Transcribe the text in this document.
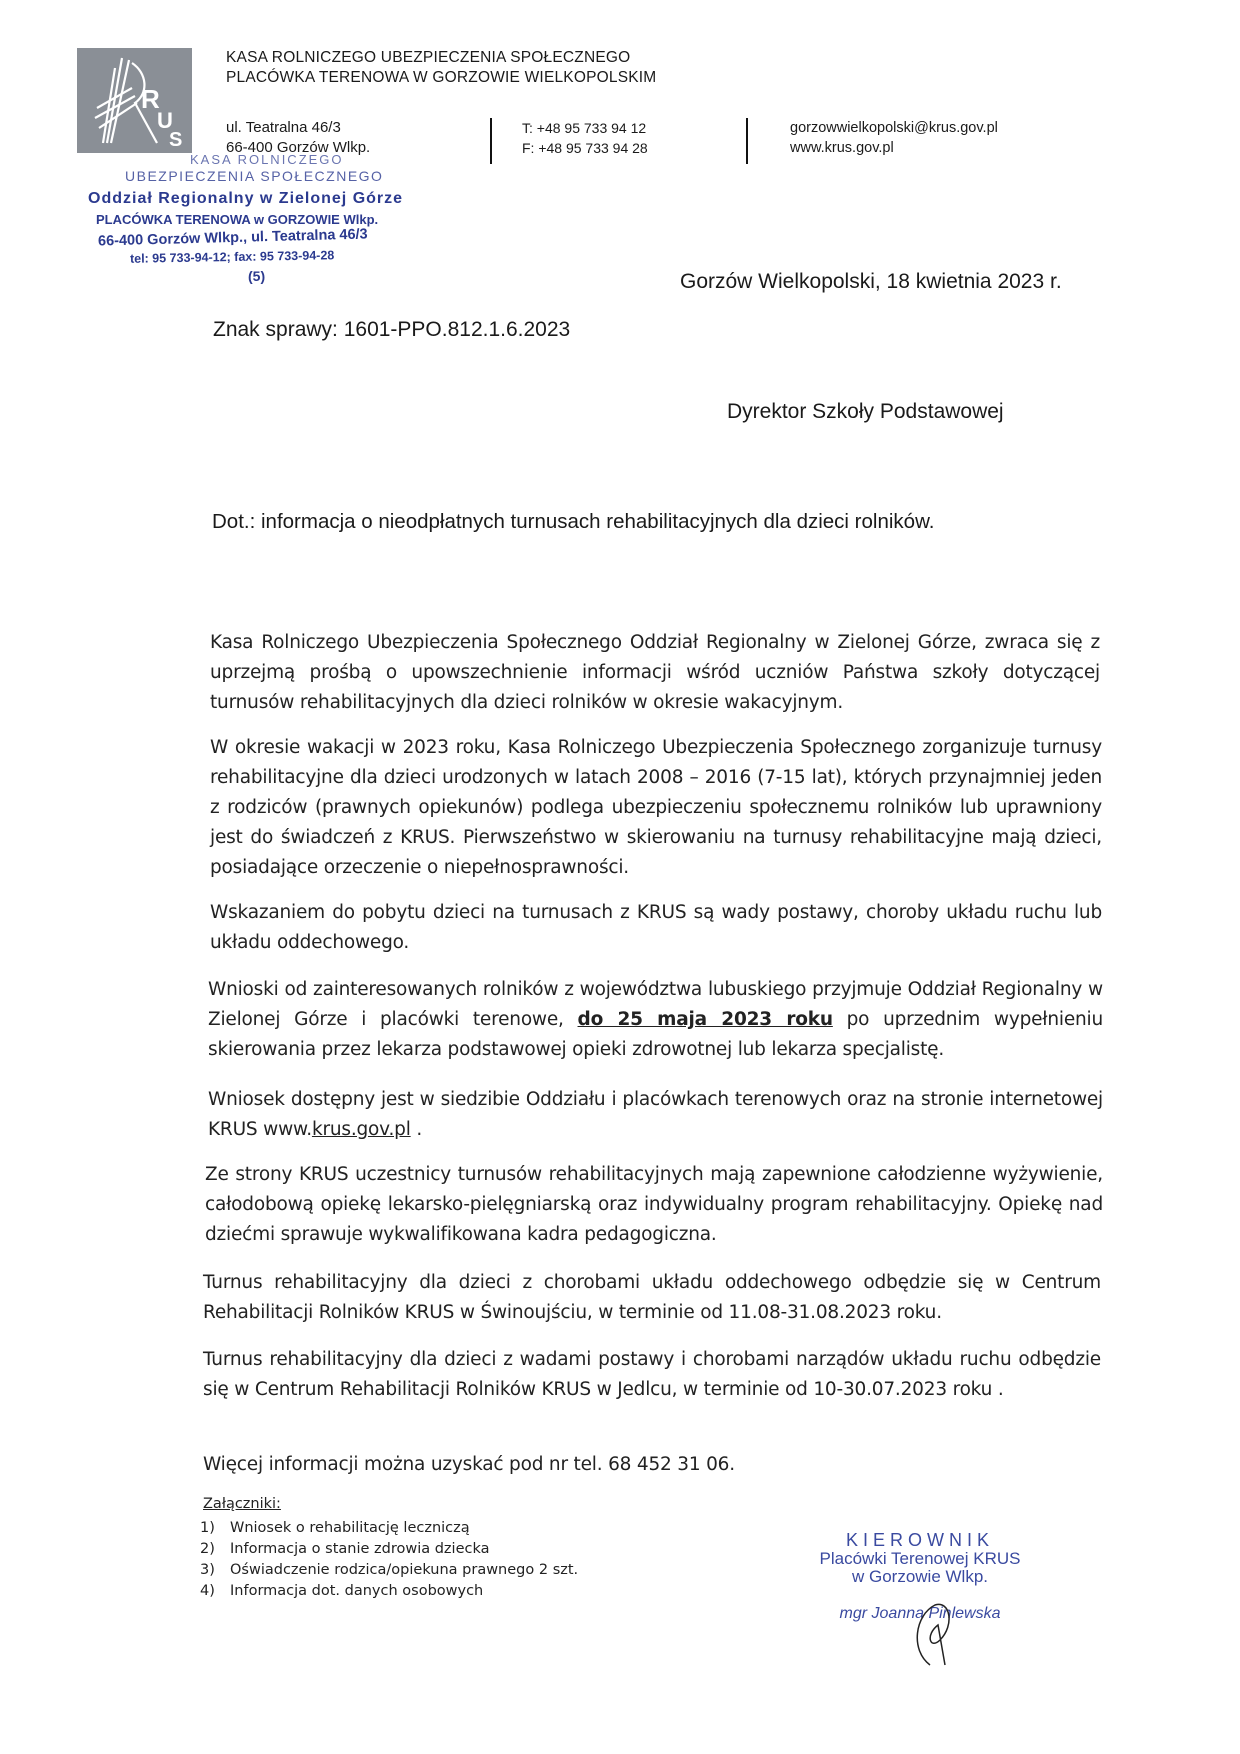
R
U
S
KASA ROLNICZEGO UBEZPIECZENIA SPOŁECZNEGO
PLACÓWKA TERENOWA W GORZOWIE WIELKOPOLSKIM
ul. Teatralna 46/3
66-400 Gorzów Wlkp.
T: +48 95 733 94 12
F: +48 95 733 94 28
gorzowwielkopolski@krus.gov.pl
www.krus.gov.pl
KASA ROLNICZEGO
UBEZPIECZENIA SPOŁECZNEGO
Oddział Regionalny w Zielonej Górze
PLACÓWKA TERENOWA w GORZOWIE Wlkp.
66-400 Gorzów Wlkp., ul. Teatralna 46/3
tel: 95 733-94-12; fax: 95 733-94-28
(5)	Gorzów Wielkopolski, 18 kwietnia 2023 r.
Znak sprawy: 1601-PPO.812.1.6.2023
Dyrektor Szkoły Podstawowej
Dot.: informacja o nieodpłatnych turnusach rehabilitacyjnych dla dzieci rolników.
Kasa Rolniczego Ubezpieczenia Społecznego Oddział Regionalny w Zielonej Górze, zwraca się z uprzejmą prośbą o upowszechnienie informacji wśród uczniów Państwa szkoły dotyczącej turnusów rehabilitacyjnych dla dzieci rolników w okresie wakacyjnym.
W okresie wakacji w 2023 roku, Kasa Rolniczego Ubezpieczenia Społecznego zorganizuje turnusy rehabilitacyjne dla dzieci urodzonych w latach 2008 – 2016 (7-15 lat), których przynajmniej jeden z rodziców (prawnych opiekunów) podlega ubezpieczeniu społecznemu rolników lub uprawniony jest do świadczeń z KRUS. Pierwszeństwo w skierowaniu na turnusy rehabilitacyjne mają dzieci, posiadające orzeczenie o niepełnosprawności.
Wskazaniem do pobytu dzieci na turnusach z KRUS są wady postawy, choroby układu ruchu lub układu oddechowego.
Wnioski od zainteresowanych rolników z województwa lubuskiego przyjmuje Oddział Regionalny w Zielonej Górze i placówki terenowe, do 25 maja 2023 roku po uprzednim wypełnieniu skierowania przez lekarza podstawowej opieki zdrowotnej lub lekarza specjalistę.
Wniosek dostępny jest w siedzibie Oddziału i placówkach terenowych oraz na stronie internetowej KRUS www.krus.gov.pl .
Ze strony KRUS uczestnicy turnusów rehabilitacyjnych mają zapewnione całodzienne wyżywienie, całodobową opiekę lekarsko-pielęgniarską oraz indywidualny program rehabilitacyjny. Opiekę nad dziećmi sprawuje wykwalifikowana kadra pedagogiczna.
Turnus rehabilitacyjny dla dzieci z chorobami układu oddechowego odbędzie się w Centrum Rehabilitacji Rolników KRUS w Świnoujściu, w terminie od 11.08-31.08.2023 roku.
Turnus rehabilitacyjny dla dzieci z wadami postawy i chorobami narządów układu ruchu odbędzie się w Centrum Rehabilitacji Rolników KRUS w Jedlcu, w terminie od 10-30.07.2023 roku .
Więcej informacji można uzyskać pod nr tel. 68 452 31 06.
Załączniki:
1) Wniosek o rehabilitację leczniczą
2) Informacja o stanie zdrowia dziecka
3) Oświadczenie rodzica/opiekuna prawnego 2 szt.
4) Informacja dot. danych osobowych
KIEROWNIK
Placówki Terenowej KRUS
w Gorzowie Wlkp.
mgr Joanna Pinlewska
